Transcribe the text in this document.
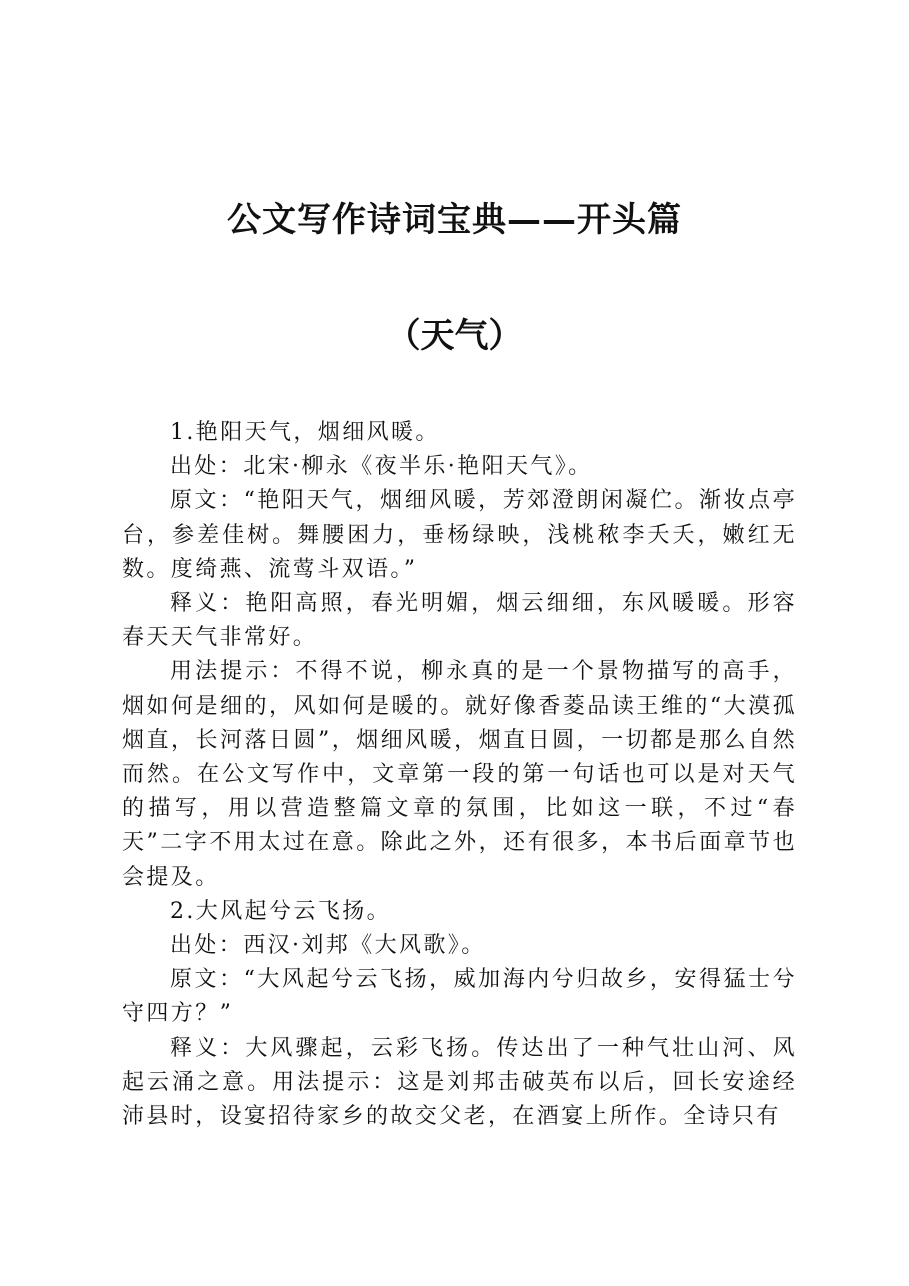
公文写作诗词宝典——开头篇
（天气）

1.艳阳天气，烟细风暖。

出处：北宋·柳永《夜半乐·艳阳天气》。

原文：“艳阳天气，烟细风暖，芳郊澄朗闲凝伫。渐妆点亭台，参差佳树。舞腰困力，垂杨绿映，浅桃秾李夭夭，嫩红无数。度绮燕、流莺斗双语。”

释义：艳阳高照，春光明媚，烟云细细，东风暖暖。形容春天天气非常好。

用法提示：不得不说，柳永真的是一个景物描写的高手，烟如何是细的，风如何是暖的。就好像香菱品读王维的“大漠孤烟直，长河落日圆”，烟细风暖，烟直日圆，一切都是那么自然而然。在公文写作中，文章第一段的第一句话也可以是对天气的描写，用以营造整篇文章的氛围，比如这一联，不过“春天”二字不用太过在意。除此之外，还有很多，本书后面章节也会提及。

2.大风起兮云飞扬。

出处：西汉·刘邦《大风歌》。

原文：“大风起兮云飞扬，威加海内兮归故乡，安得猛士兮守四方？”

释义：大风骤起，云彩飞扬。传达出了一种气壮山河、风起云涌之意。用法提示：这是刘邦击破英布以后，回长安途经沛县时，设宴招待家乡的故交父老，在酒宴上所作。全诗只有
